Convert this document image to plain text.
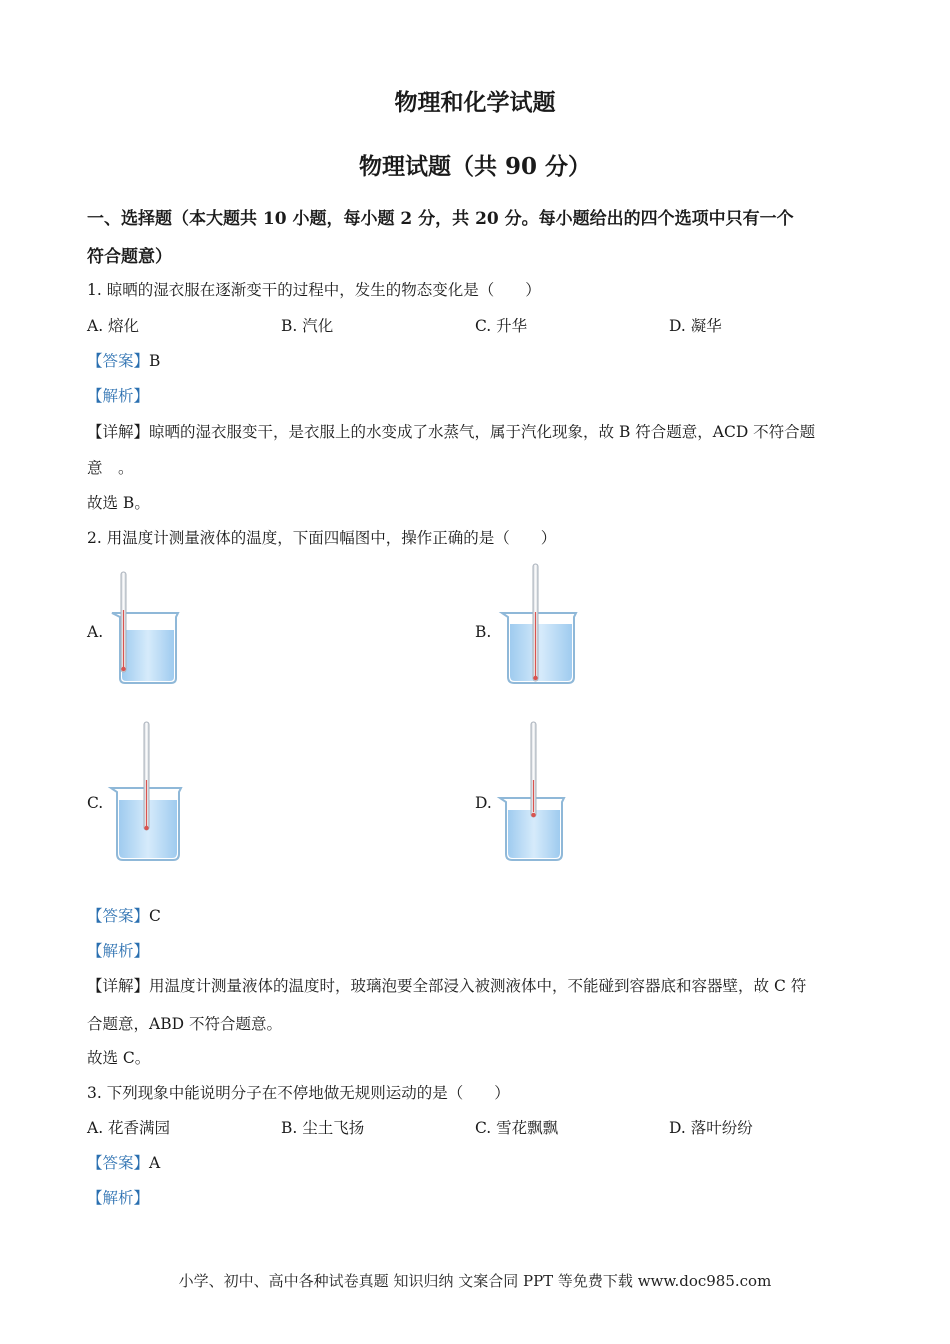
物理和化学试题
物理试题（共 90 分）
一、选择题（本大题共 10 小题，每小题 2 分，共 20 分。每小题给出的四个选项中只有一个
符合题意）
1. 晾晒的湿衣服在逐渐变干的过程中，发生的物态变化是（　　）
A. 熔化	B. 汽化	C. 升华	D. 凝华
【答案】B
【解析】
【详解】晾晒的湿衣服变干，是衣服上的水变成了水蒸气，属于汽化现象，故 B 符合题意，ACD 不符合题
意　。
故选 B。
2. 用温度计测量液体的温度，下面四幅图中，操作正确的是（　　）
A.	B.
C.	D.
【答案】C
【解析】
【详解】用温度计测量液体的温度时，玻璃泡要全部浸入被测液体中，不能碰到容器底和容器壁，故 C 符
合题意，ABD 不符合题意。
故选 C。
3. 下列现象中能说明分子在不停地做无规则运动的是（　　）
A. 花香满园	B. 尘土飞扬	C. 雪花飘飘	D. 落叶纷纷
【答案】A
【解析】
小学、初中、高中各种试卷真题 知识归纳 文案合同 PPT 等免费下载 www.doc985.com
